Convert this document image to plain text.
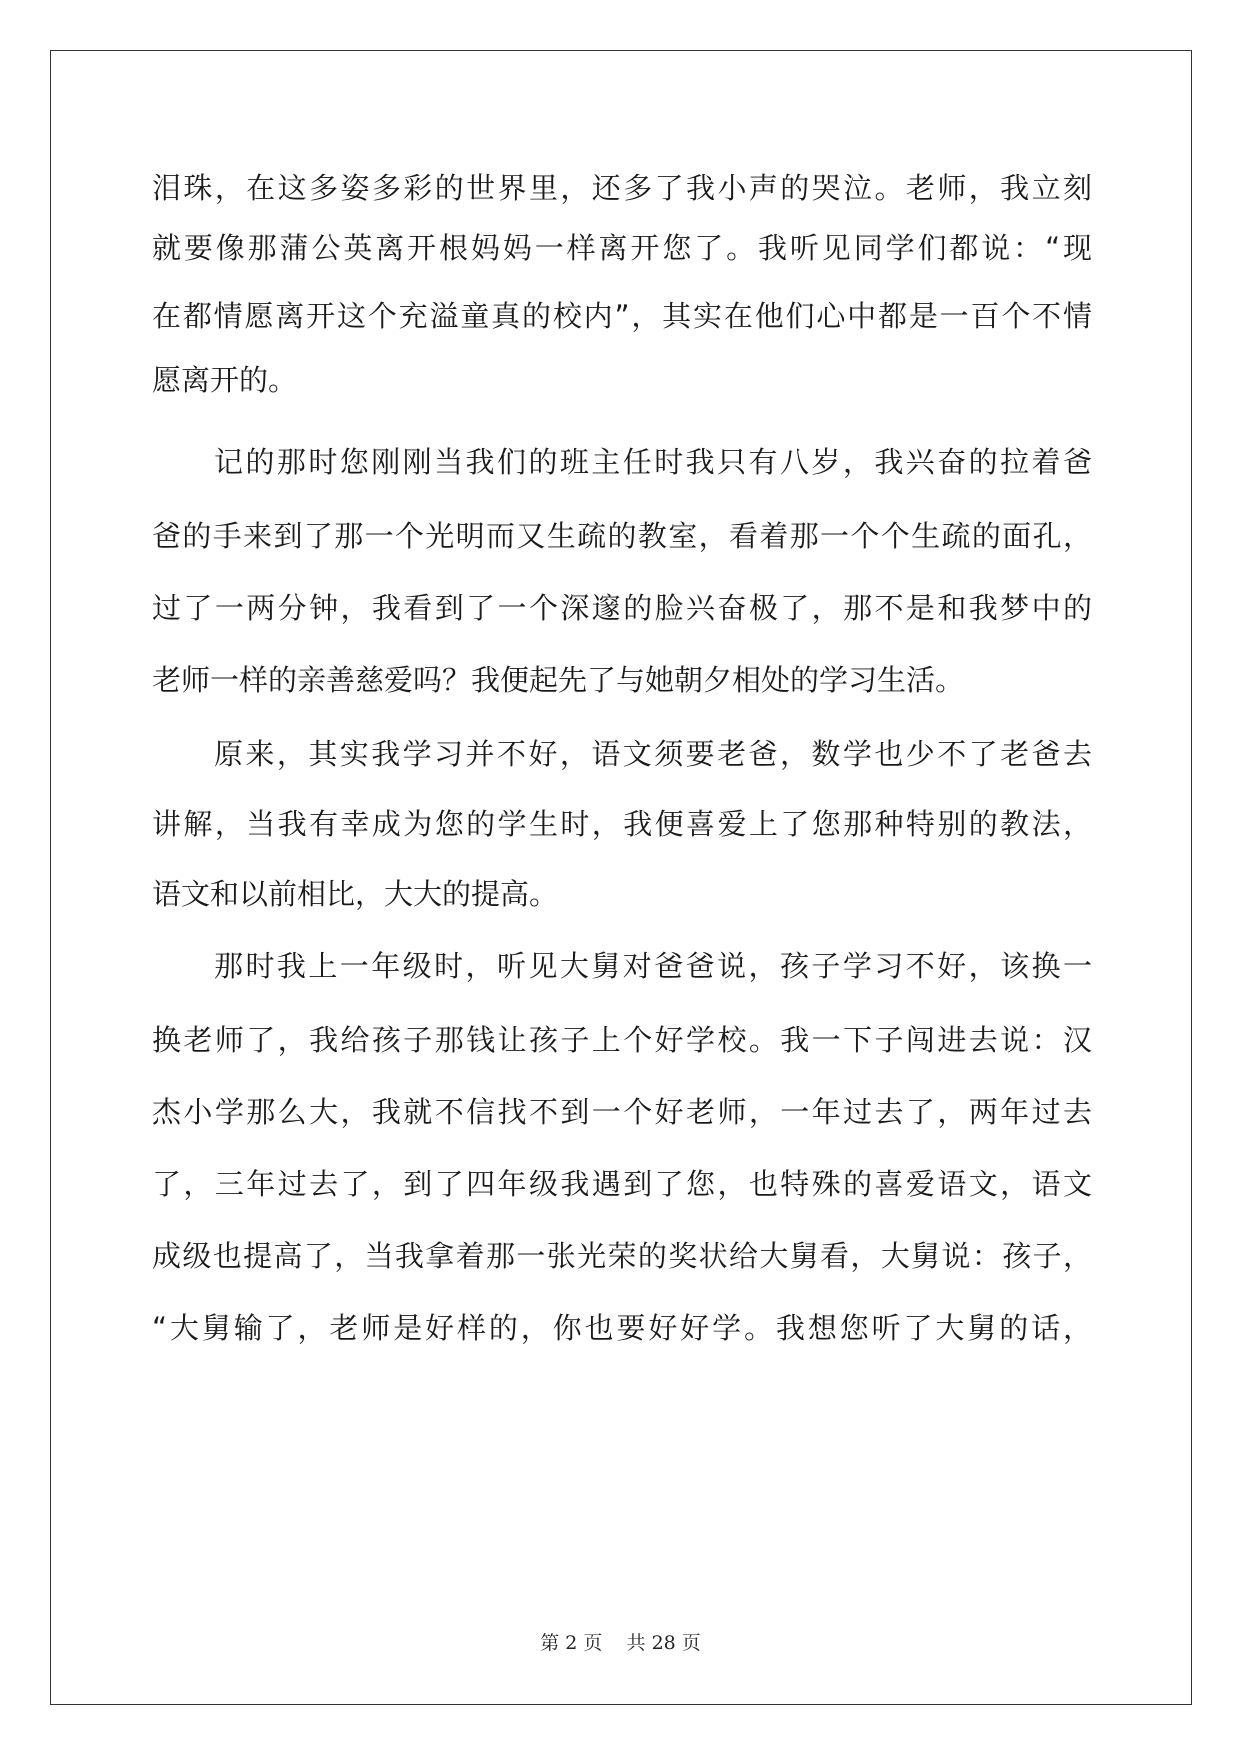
泪珠，在这多姿多彩的世界里，还多了我小声的哭泣。老师，我立刻
就要像那蒲公英离开根妈妈一样离开您了。我听见同学们都说：“现
在都情愿离开这个充溢童真的校内”，其实在他们心中都是一百个不情
愿离开的。
记的那时您刚刚当我们的班主任时我只有八岁，我兴奋的拉着爸
爸的手来到了那一个光明而又生疏的教室，看着那一个个生疏的面孔，
过了一两分钟，我看到了一个深邃的脸兴奋极了，那不是和我梦中的
老师一样的亲善慈爱吗？我便起先了与她朝夕相处的学习生活。
原来，其实我学习并不好，语文须要老爸，数学也少不了老爸去
讲解，当我有幸成为您的学生时，我便喜爱上了您那种特别的教法，
语文和以前相比，大大的提高。
那时我上一年级时，听见大舅对爸爸说，孩子学习不好，该换一
换老师了，我给孩子那钱让孩子上个好学校。我一下子闯进去说：汉
杰小学那么大，我就不信找不到一个好老师，一年过去了，两年过去
了，三年过去了，到了四年级我遇到了您，也特殊的喜爱语文，语文
成级也提高了，当我拿着那一张光荣的奖状给大舅看，大舅说：孩子，
“大舅输了，老师是好样的，你也要好好学。我想您听了大舅的话，
第 2 页 共 28 页
